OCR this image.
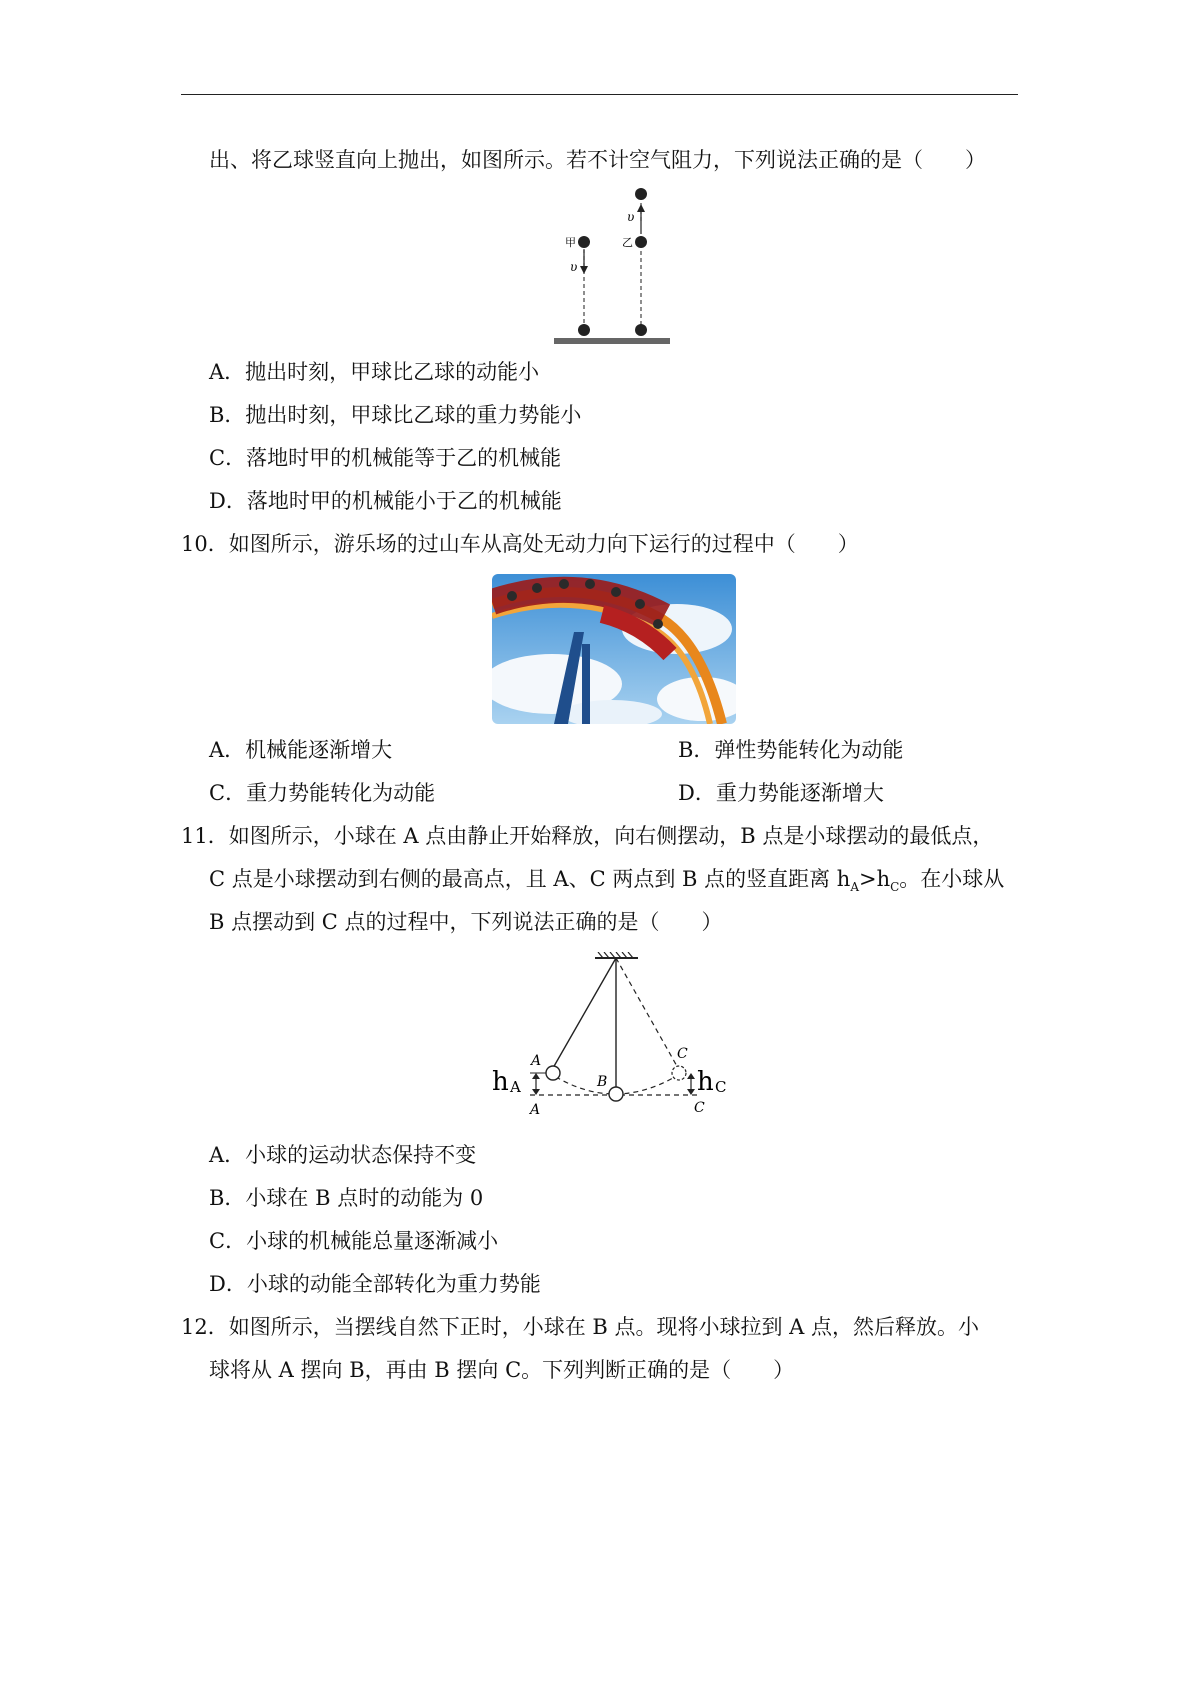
出、将乙球竖直向上抛出，如图所示。若不计空气阻力，下列说法正确的是（　　）
甲	乙
υ
υ
A．抛出时刻，甲球比乙球的动能小
B．抛出时刻，甲球比乙球的重力势能小
C．落地时甲的机械能等于乙的机械能
D．落地时甲的机械能小于乙的机械能
10．如图所示，游乐场的过山车从高处无动力向下运行的过程中（　　）
A．机械能逐渐增大	B．弹性势能转化为动能
C．重力势能转化为动能	D．重力势能逐渐增大
11．如图所示，小球在 A 点由静止开始释放，向右侧摆动，B 点是小球摆动的最低点，
C 点是小球摆动到右侧的最高点，且 A、C 两点到 B 点的竖直距离 $h_A>h_C$。在小球从
B 点摆动到 C 点的过程中，下列说法正确的是（　　）
h A	h C
A
A
B
C
C
A．小球的运动状态保持不变
B．小球在 B 点时的动能为 0
C．小球的机械能总量逐渐减小
D．小球的动能全部转化为重力势能
12．如图所示，当摆线自然下正时，小球在 B 点。现将小球拉到 A 点，然后释放。小
球将从 A 摆向 B，再由 B 摆向 C。下列判断正确的是（　　）
